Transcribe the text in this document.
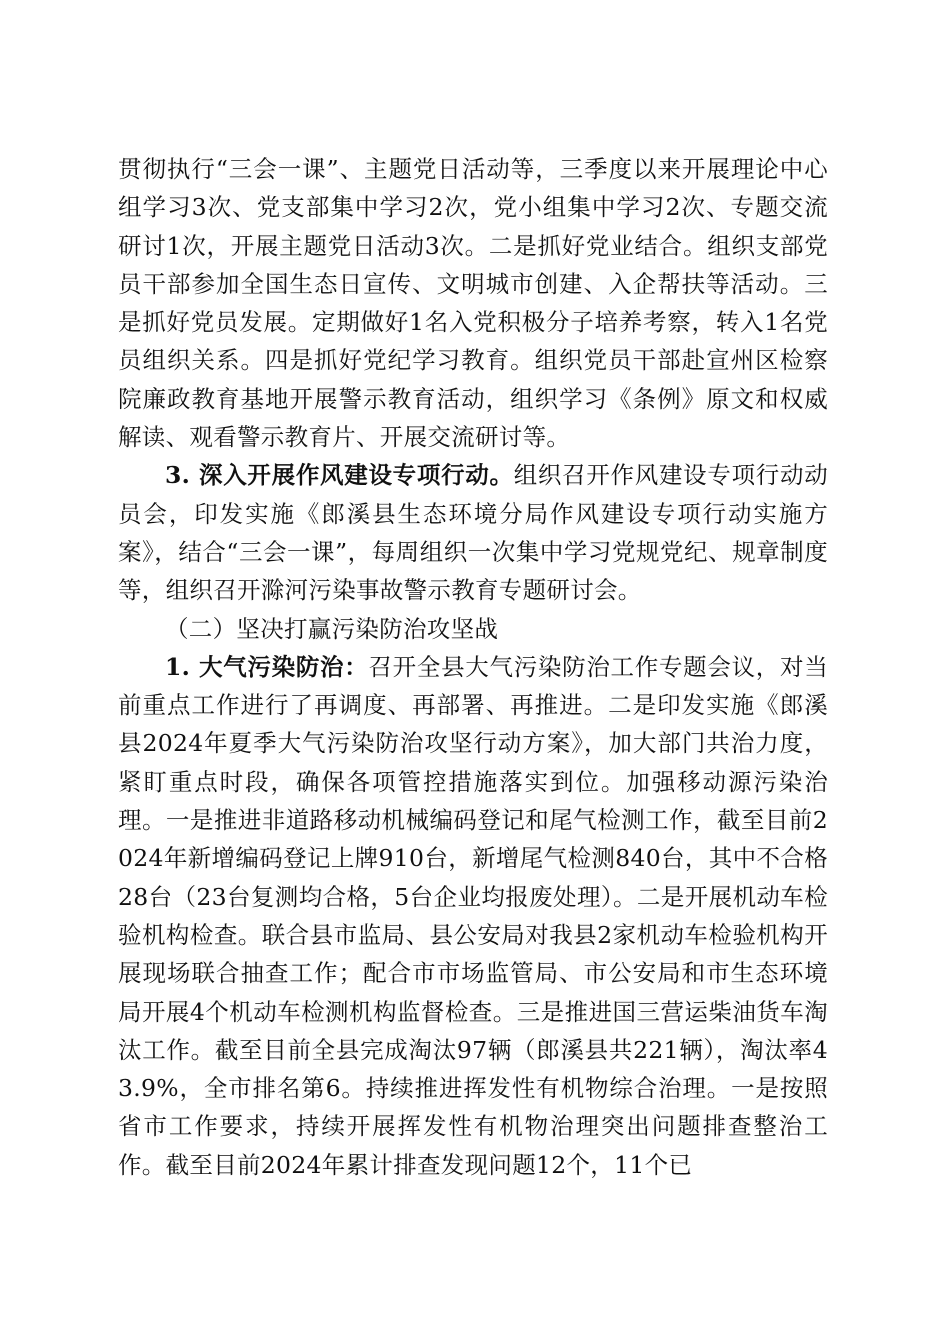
贯彻执行“三会一课”、主题党日活动等，三季度以来开展理论中心组学习3次、党支部集中学习2次，党小组集中学习2次、专题交流研讨1次，开展主题党日活动3次。二是抓好党业结合。组织支部党员干部参加全国生态日宣传、文明城市创建、入企帮扶等活动。三是抓好党员发展。定期做好1名入党积极分子培养考察，转入1名党员组织关系。四是抓好党纪学习教育。组织党员干部赴宣州区检察院廉政教育基地开展警示教育活动，组织学习《条例》原文和权威解读、观看警示教育片、开展交流研讨等。

3. 深入开展作风建设专项行动。组织召开作风建设专项行动动员会，印发实施《郎溪县生态环境分局作风建设专项行动实施方案》，结合“三会一课”，每周组织一次集中学习党规党纪、规章制度等，组织召开滁河污染事故警示教育专题研讨会。

（二）坚决打赢污染防治攻坚战

1. 大气污染防治：召开全县大气污染防治工作专题会议，对当前重点工作进行了再调度、再部署、再推进。二是印发实施《郎溪县2024年夏季大气污染防治攻坚行动方案》，加大部门共治力度，紧盯重点时段，确保各项管控措施落实到位。加强移动源污染治理。一是推进非道路移动机械编码登记和尾气检测工作，截至目前2024年新增编码登记上牌910台，新增尾气检测840台，其中不合格28台（23台复测均合格，5台企业均报废处理）。二是开展机动车检验机构检查。联合县市监局、县公安局对我县2家机动车检验机构开展现场联合抽查工作；配合市市场监管局、市公安局和市生态环境局开展4个机动车检测机构监督检查。三是推进国三营运柴油货车淘汰工作。截至目前全县完成淘汰97辆（郎溪县共221辆），淘汰率43.9%，全市排名第6。持续推进挥发性有机物综合治理。一是按照省市工作要求，持续开展挥发性有机物治理突出问题排查整治工作。截至目前2024年累计排查发现问题12个，11个已
